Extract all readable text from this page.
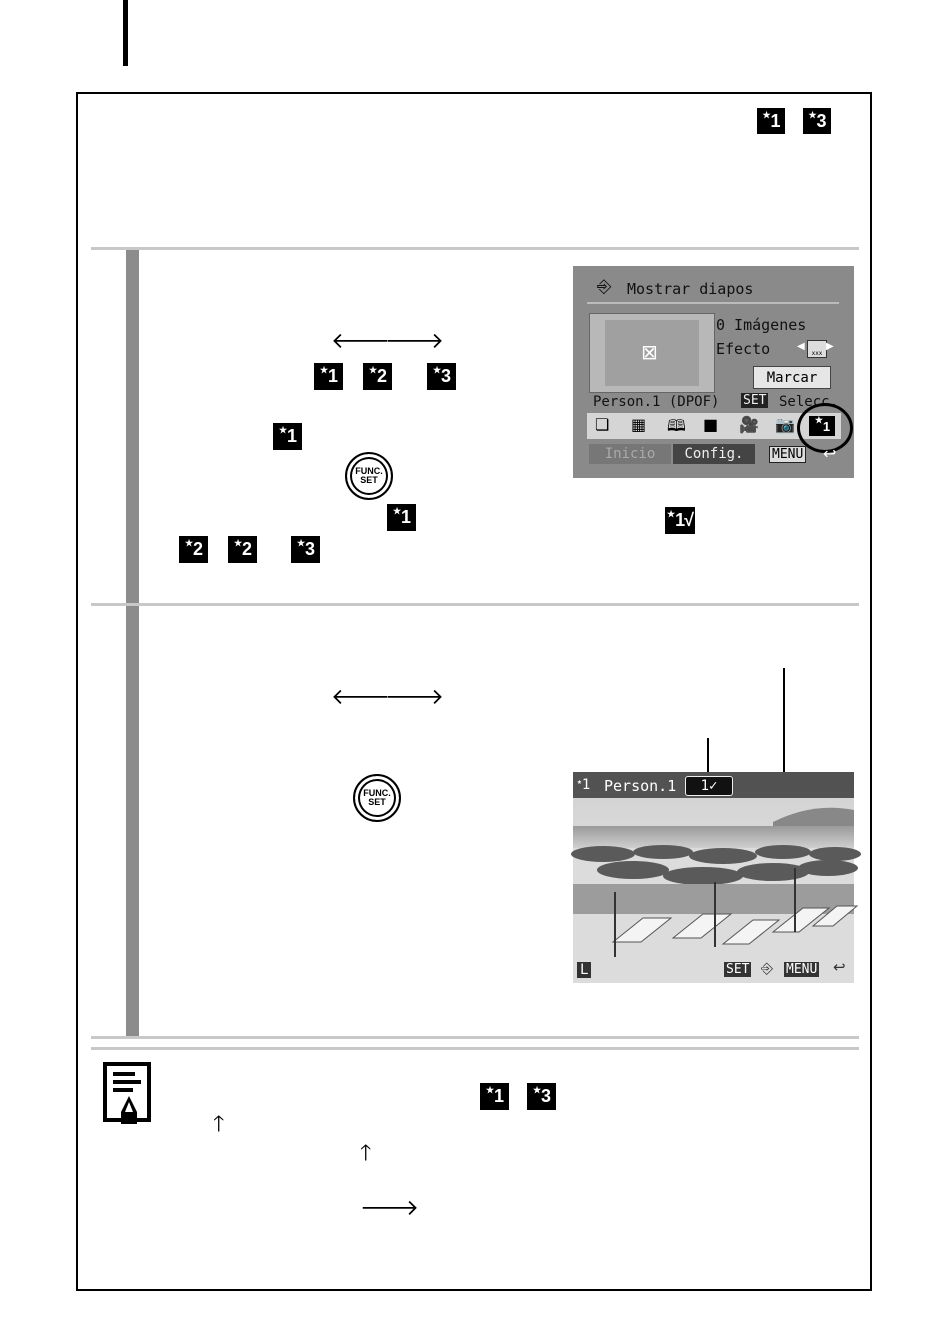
★ 1	★ 3
🡐
🡒
★ 1	★ 2	★ 3
★ 1
FUNC.
SET
★ 1	★ 1√
★ 2	★ 2	★ 3
⎆ Mostrar diapos
⊠
0 Imágenes
Efecto	◀
xxx
▶
Marcar
Person.1 (DPOF) SET Selecc.
❏ ▦ 🕮 ■ 🎥 📷 ★ 1
Inicio	Config.	MENU ↩
🡐
🡒
FUNC.
SET
★1 Person.1	1✓
L	SET ⎆ MENU ↩
★ 1	★ 3
🡑
🡑
🡒
